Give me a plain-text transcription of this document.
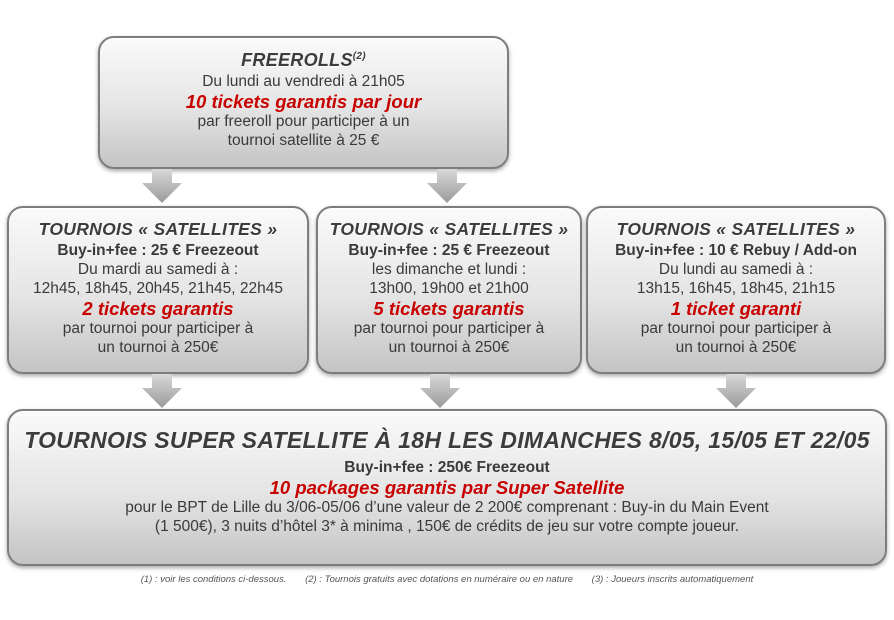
FREEROLLS$^{(2)}$
Du lundi au vendredi à 21h05
10 tickets garantis par jour
par freeroll pour participer à un
tournoi satellite à 25 €
TOURNOIS « SATELLITES »
Buy-in+fee : 25 € Freezeout
Du mardi au samedi à :
12h45, 18h45, 20h45, 21h45, 22h45
2 tickets garantis
par tournoi pour participer à
un tournoi à 250€
TOURNOIS « SATELLITES »
Buy-in+fee : 25 € Freezeout
les dimanche et lundi :
13h00, 19h00 et 21h00
5 tickets garantis
par tournoi pour participer à
un tournoi à 250€
TOURNOIS « SATELLITES »
Buy-in+fee : 10 € Rebuy / Add-on
Du lundi au samedi à :
13h15, 16h45, 18h45, 21h15
1 ticket garanti
par tournoi pour participer à
un tournoi à 250€
TOURNOIS SUPER SATELLITE À 18H LES DIMANCHES 8/05, 15/05 ET 22/05
Buy-in+fee : 250€ Freezeout
10 packages garantis par Super Satellite
pour le BPT de Lille du 3/06-05/06 d’une valeur de 2 200€ comprenant : Buy-in du Main Event
(1 500€), 3 nuits d’hôtel 3* à minima , 150€ de crédits de jeu sur votre compte joueur.
(1) : voir les conditions ci-dessous. (2) : Tournois gratuits avec dotations en numéraire ou en nature (3) : Joueurs inscrits automatiquement
